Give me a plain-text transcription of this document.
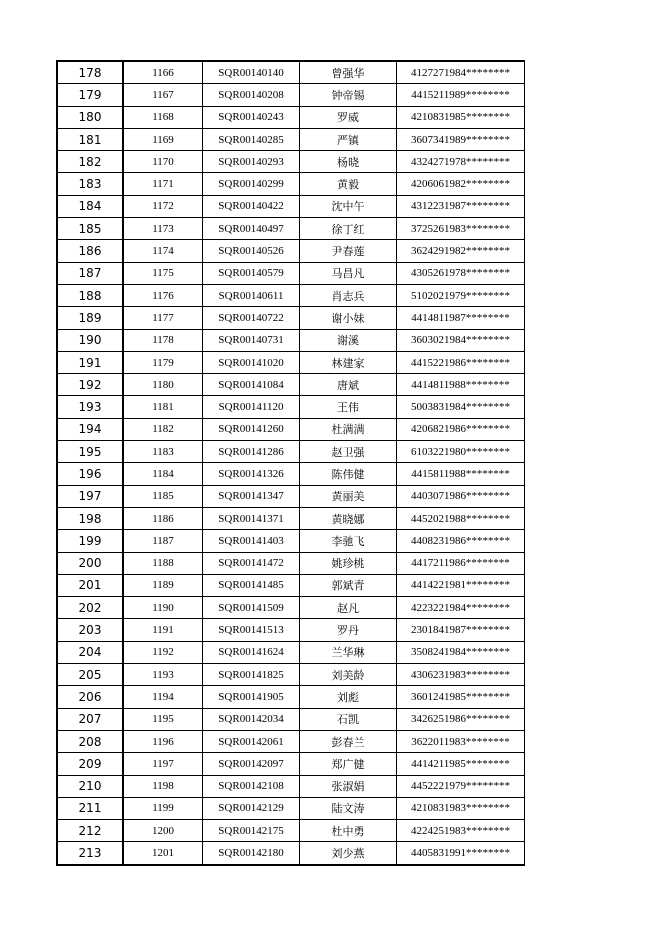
178	1166	SQR00140140	曾强华	4127271984********
179	1167	SQR00140208	钟帝锡	4415211989********
180	1168	SQR00140243	罗威	4210831985********
181	1169	SQR00140285	严镇	3607341989********
182	1170	SQR00140293	杨晓	4324271978********
183	1171	SQR00140299	黄毅	4206061982********
184	1172	SQR00140422	沈中午	4312231987********
185	1173	SQR00140497	徐丁红	3725261983********
186	1174	SQR00140526	尹春莲	3624291982********
187	1175	SQR00140579	马昌凡	4305261978********
188	1176	SQR00140611	肖志兵	5102021979********
189	1177	SQR00140722	谢小妹	4414811987********
190	1178	SQR00140731	谢溪	3603021984********
191	1179	SQR00141020	林建家	4415221986********
192	1180	SQR00141084	唐斌	4414811988********
193	1181	SQR00141120	王伟	5003831984********
194	1182	SQR00141260	杜满满	4206821986********
195	1183	SQR00141286	赵卫强	6103221980********
196	1184	SQR00141326	陈伟健	4415811988********
197	1185	SQR00141347	黄丽美	4403071986********
198	1186	SQR00141371	黄晓娜	4452021988********
199	1187	SQR00141403	李驰飞	4408231986********
200	1188	SQR00141472	姚珍桃	4417211986********
201	1189	SQR00141485	郭斌青	4414221981********
202	1190	SQR00141509	赵凡	4223221984********
203	1191	SQR00141513	罗丹	2301841987********
204	1192	SQR00141624	兰华琳	3508241984********
205	1193	SQR00141825	刘美龄	4306231983********
206	1194	SQR00141905	刘彪	3601241985********
207	1195	SQR00142034	石凯	3426251986********
208	1196	SQR00142061	彭春兰	3622011983********
209	1197	SQR00142097	郑广健	4414211985********
210	1198	SQR00142108	张淑娟	4452221979********
211	1199	SQR00142129	陆文涛	4210831983********
212	1200	SQR00142175	杜中勇	4224251983********
213	1201	SQR00142180	刘少燕	4405831991********
